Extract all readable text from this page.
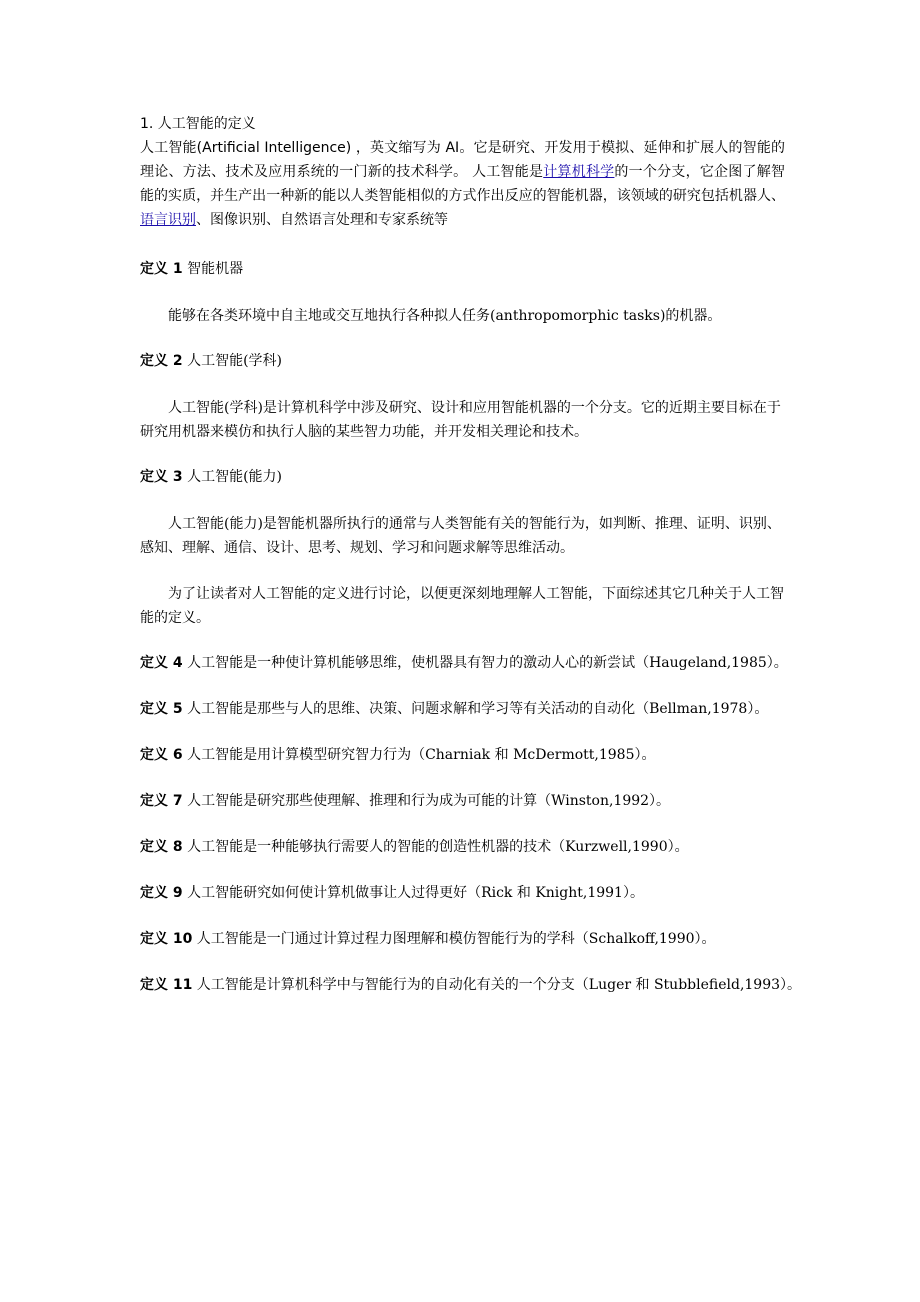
1. 人工智能的定义

人工智能(Artificial Intelligence) ，英文缩写为 AI。它是研究、开发用于模拟、延伸和扩展人的智能的理论、方法、技术及应用系统的一门新的技术科学。 人工智能是计算机科学的一个分支，它企图了解智能的实质，并生产出一种新的能以人类智能相似的方式作出反应的智能机器，该领域的研究包括机器人、语言识别、图像识别、自然语言处理和专家系统等

定义 1 智能机器

能够在各类环境中自主地或交互地执行各种拟人任务(anthropomorphic tasks)的机器。

定义 2 人工智能(学科)

人工智能(学科)是计算机科学中涉及研究、设计和应用智能机器的一个分支。它的近期主要目标在于研究用机器来模仿和执行人脑的某些智力功能，并开发相关理论和技术。

定义 3 人工智能(能力)

人工智能(能力)是智能机器所执行的通常与人类智能有关的智能行为，如判断、推理、证明、识别、感知、理解、通信、设计、思考、规划、学习和问题求解等思维活动。

为了让读者对人工智能的定义进行讨论，以便更深刻地理解人工智能，下面综述其它几种关于人工智能的定义。

定义 4 人工智能是一种使计算机能够思维，使机器具有智力的激动人心的新尝试（Haugeland,1985）。

定义 5 人工智能是那些与人的思维、决策、问题求解和学习等有关活动的自动化（Bellman,1978）。

定义 6 人工智能是用计算模型研究智力行为（Charniak 和 McDermott,1985）。

定义 7 人工智能是研究那些使理解、推理和行为成为可能的计算（Winston,1992）。

定义 8 人工智能是一种能够执行需要人的智能的创造性机器的技术（Kurzwell,1990）。

定义 9 人工智能研究如何使计算机做事让人过得更好（Rick 和 Knight,1991）。

定义 10 人工智能是一门通过计算过程力图理解和模仿智能行为的学科（Schalkoff,1990）。

定义 11 人工智能是计算机科学中与智能行为的自动化有关的一个分支（Luger 和 Stubblefield,1993）。
